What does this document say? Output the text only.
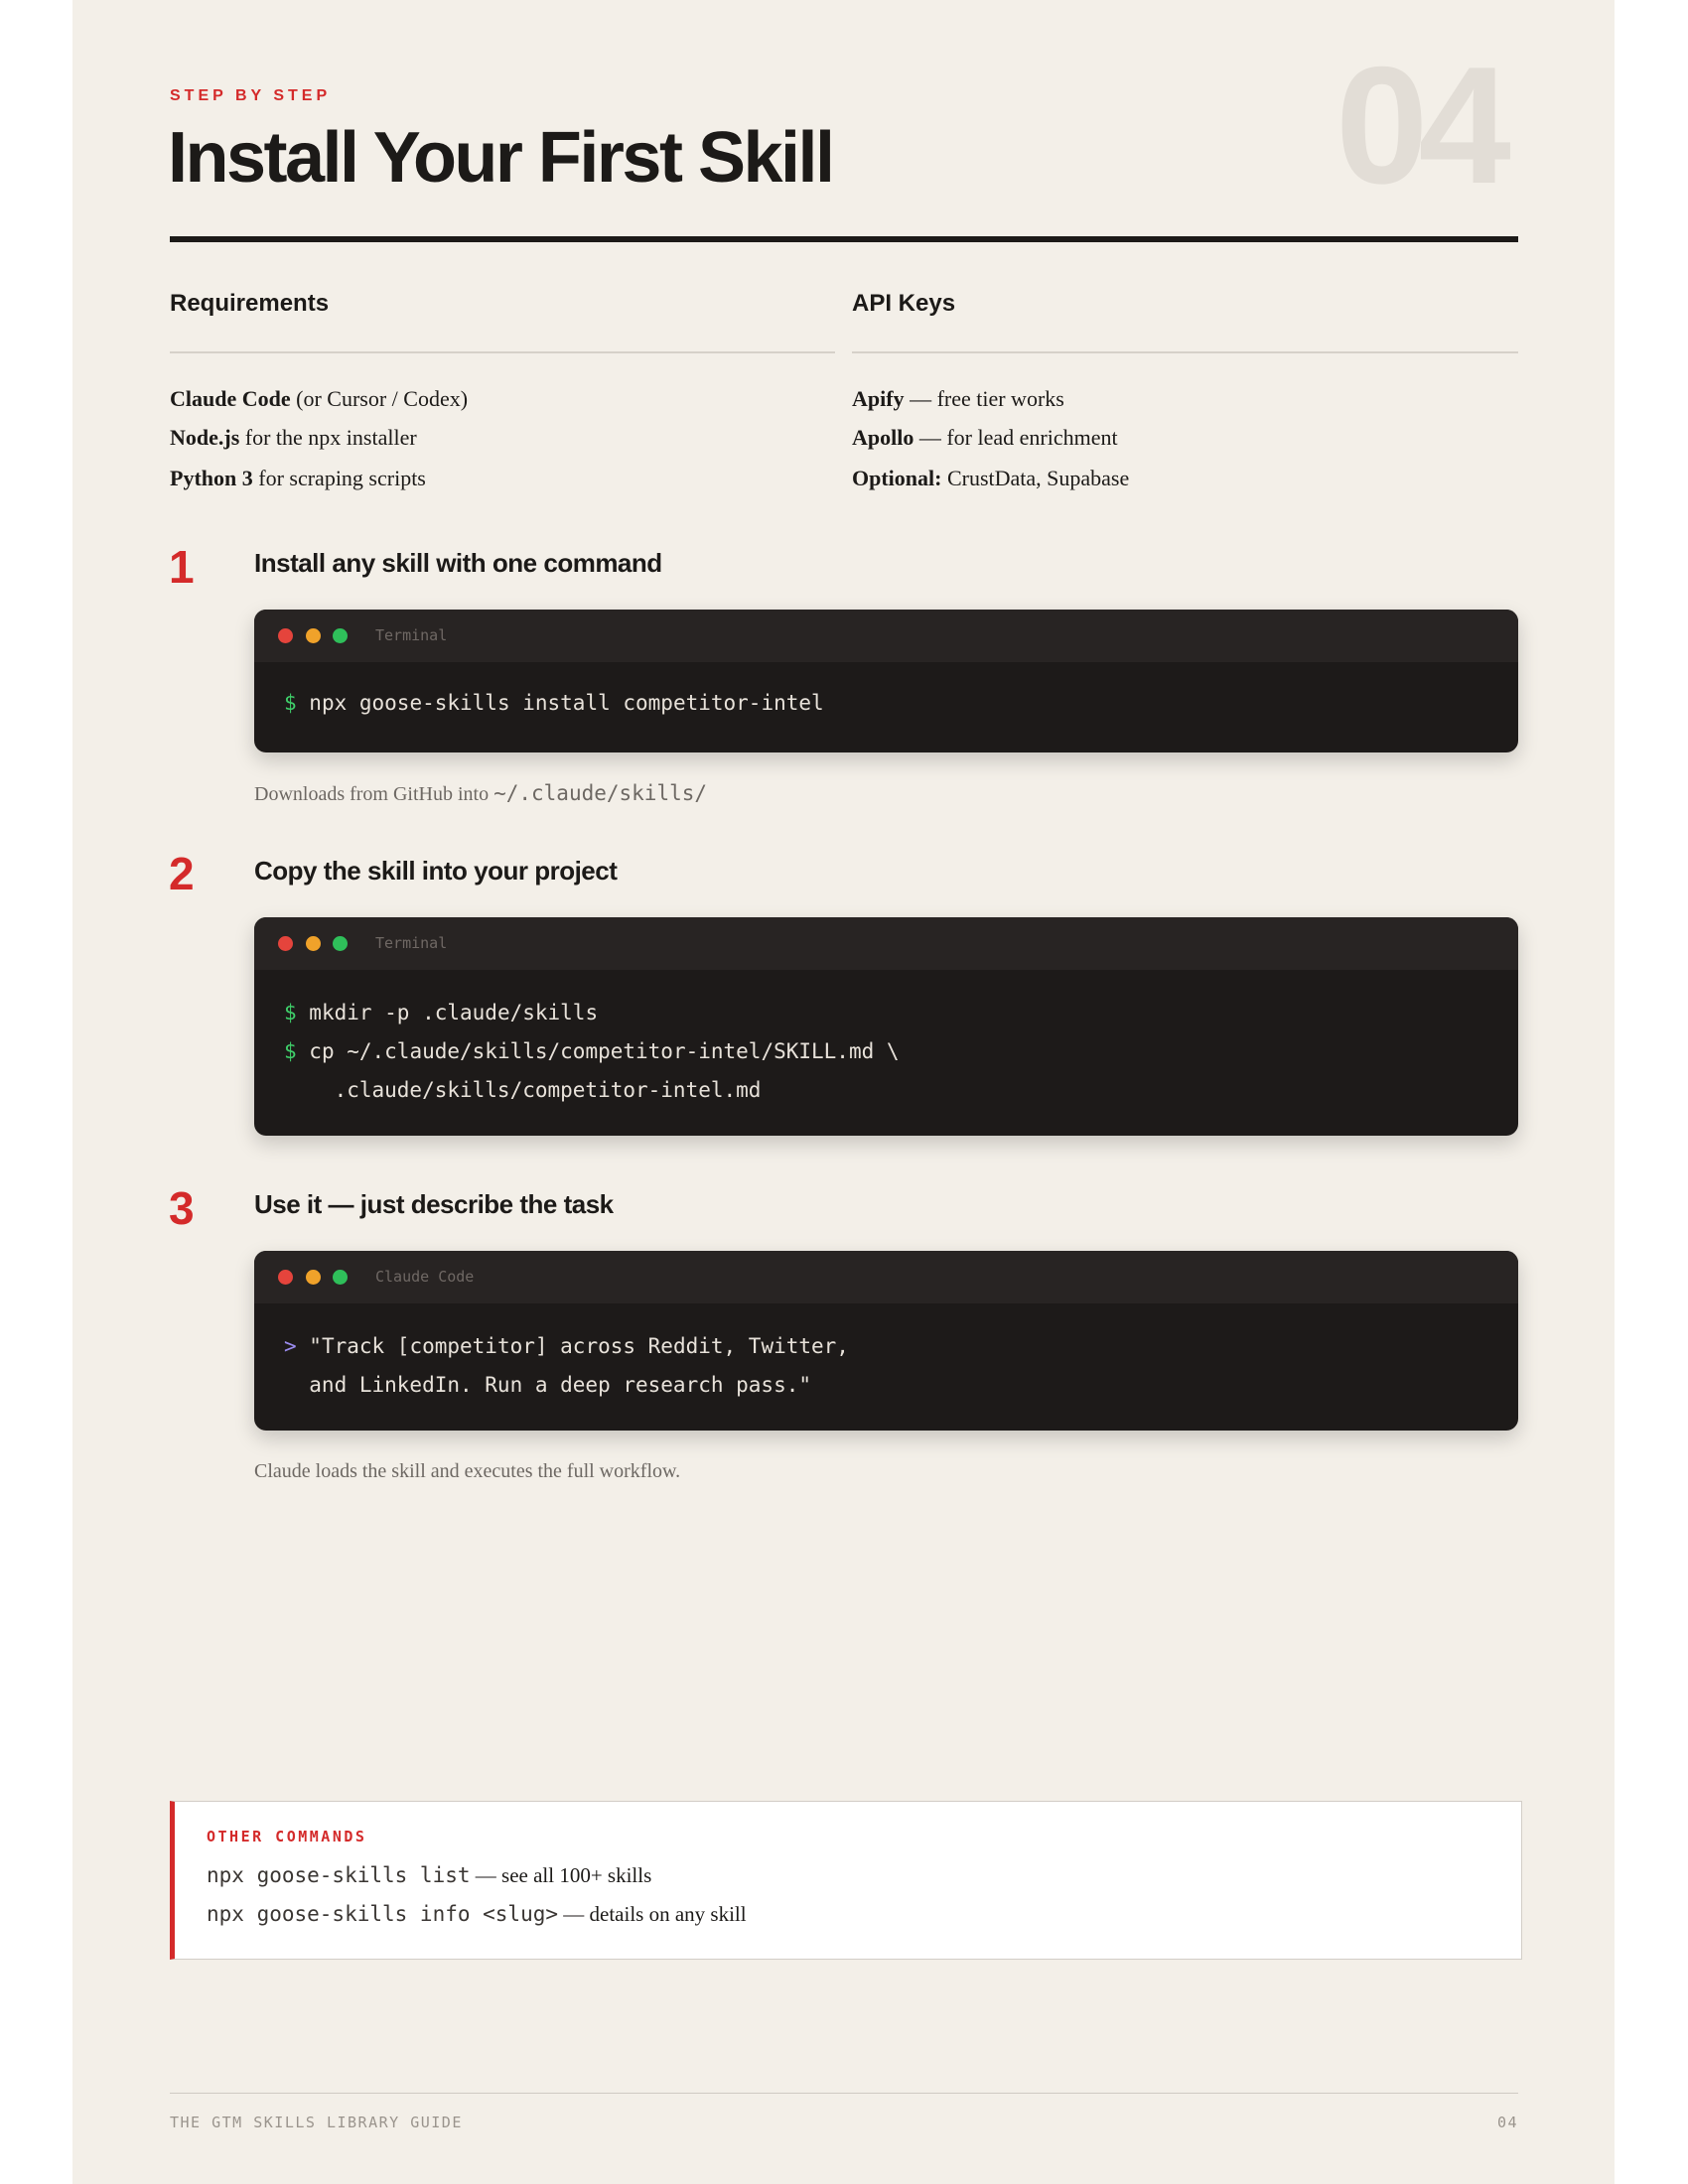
STEP BY STEP
Install Your First Skill	04
Requirements	API Keys
Claude Code (or Cursor / Codex)
Node.js for the npx installer
Python 3 for scraping scripts
Apify — free tier works
Apollo — for lead enrichment
Optional: CrustData, Supabase
1 Install any skill with one command
Terminal
$ npx goose-skills install competitor-intel
Downloads from GitHub into ~/.claude/skills/
2 Copy the skill into your project
Terminal
$ mkdir -p .claude/skills
$ cp ~/.claude/skills/competitor-intel/SKILL.md \
.claude/skills/competitor-intel.md
3 Use it — just describe the task
Claude Code
> "Track [competitor] across Reddit, Twitter,
and LinkedIn. Run a deep research pass."
Claude loads the skill and executes the full workflow.
OTHER COMMANDS
npx goose-skills list — see all 100+ skills
npx goose-skills info <slug> — details on any skill
THE GTM SKILLS LIBRARY GUIDE	04
